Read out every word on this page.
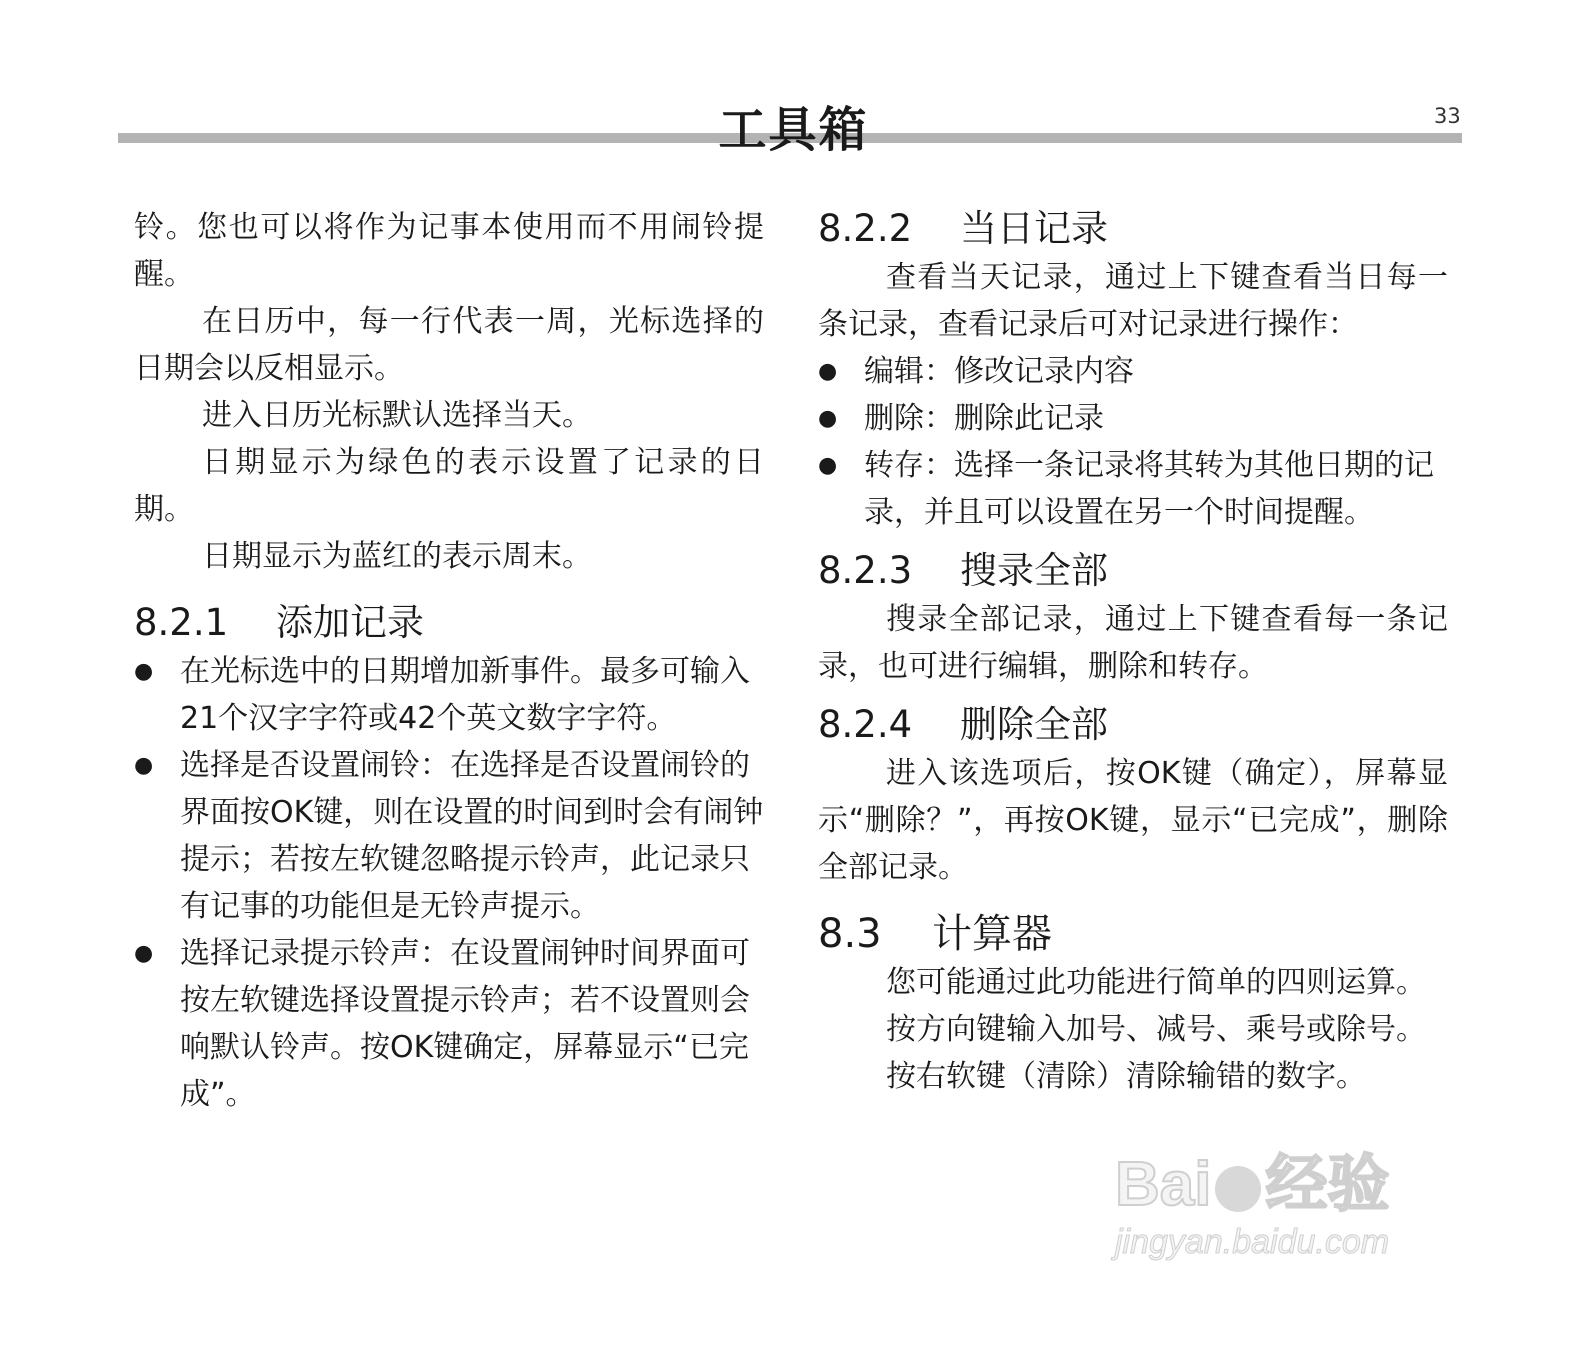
工具箱	33

铃。您也可以将作为记事本使用而不用闹铃提醒。

在日历中，每一行代表一周，光标选择的日期会以反相显示。

进入日历光标默认选择当天。

日期显示为绿色的表示设置了记录的日期。

日期显示为蓝红的表示周末。

8.2.1	添加记录
● 在光标选中的日期增加新事件。最多可输入21个汉字字符或42个英文数字字符。
● 选择是否设置闹铃：在选择是否设置闹铃的界面按OK键，则在设置的时间到时会有闹钟提示；若按左软键忽略提示铃声，此记录只有记事的功能但是无铃声提示。
● 选择记录提示铃声：在设置闹钟时间界面可按左软键选择设置提示铃声；若不设置则会响默认铃声。按OK键确定，屏幕显示“已完成”。
8.2.2	当日记录

查看当天记录，通过上下键查看当日每一条记录，查看记录后可对记录进行操作：

● 编辑：修改记录内容
● 删除：删除此记录
● 转存：选择一条记录将其转为其他日期的记录，并且可以设置在另一个时间提醒。
8.2.3	搜录全部

搜录全部记录，通过上下键查看每一条记录，也可进行编辑，删除和转存。

8.2.4	删除全部

进入该选项后，按OK键（确定），屏幕显示“删除？”，再按OK键，显示“已完成”，删除全部记录。

8.3	计算器

您可能通过此功能进行简单的四则运算。

按方向键输入加号、减号、乘号或除号。

按右软键（清除）清除输错的数字。

Bai 经验
jingyan.baidu.com
